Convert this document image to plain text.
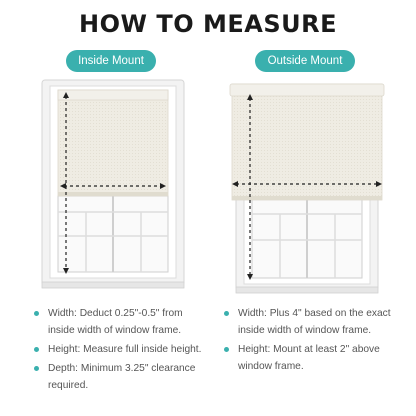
HOW TO MEASURE
Inside Mount	Outside Mount
Width: Deduct 0.25"-0.5" from inside width of window frame.
Height: Measure full inside height.
Depth: Minimum 3.25" clearance required.
Width: Plus 4" based on the exact inside width of window frame.
Height: Mount at least 2" above window frame.
